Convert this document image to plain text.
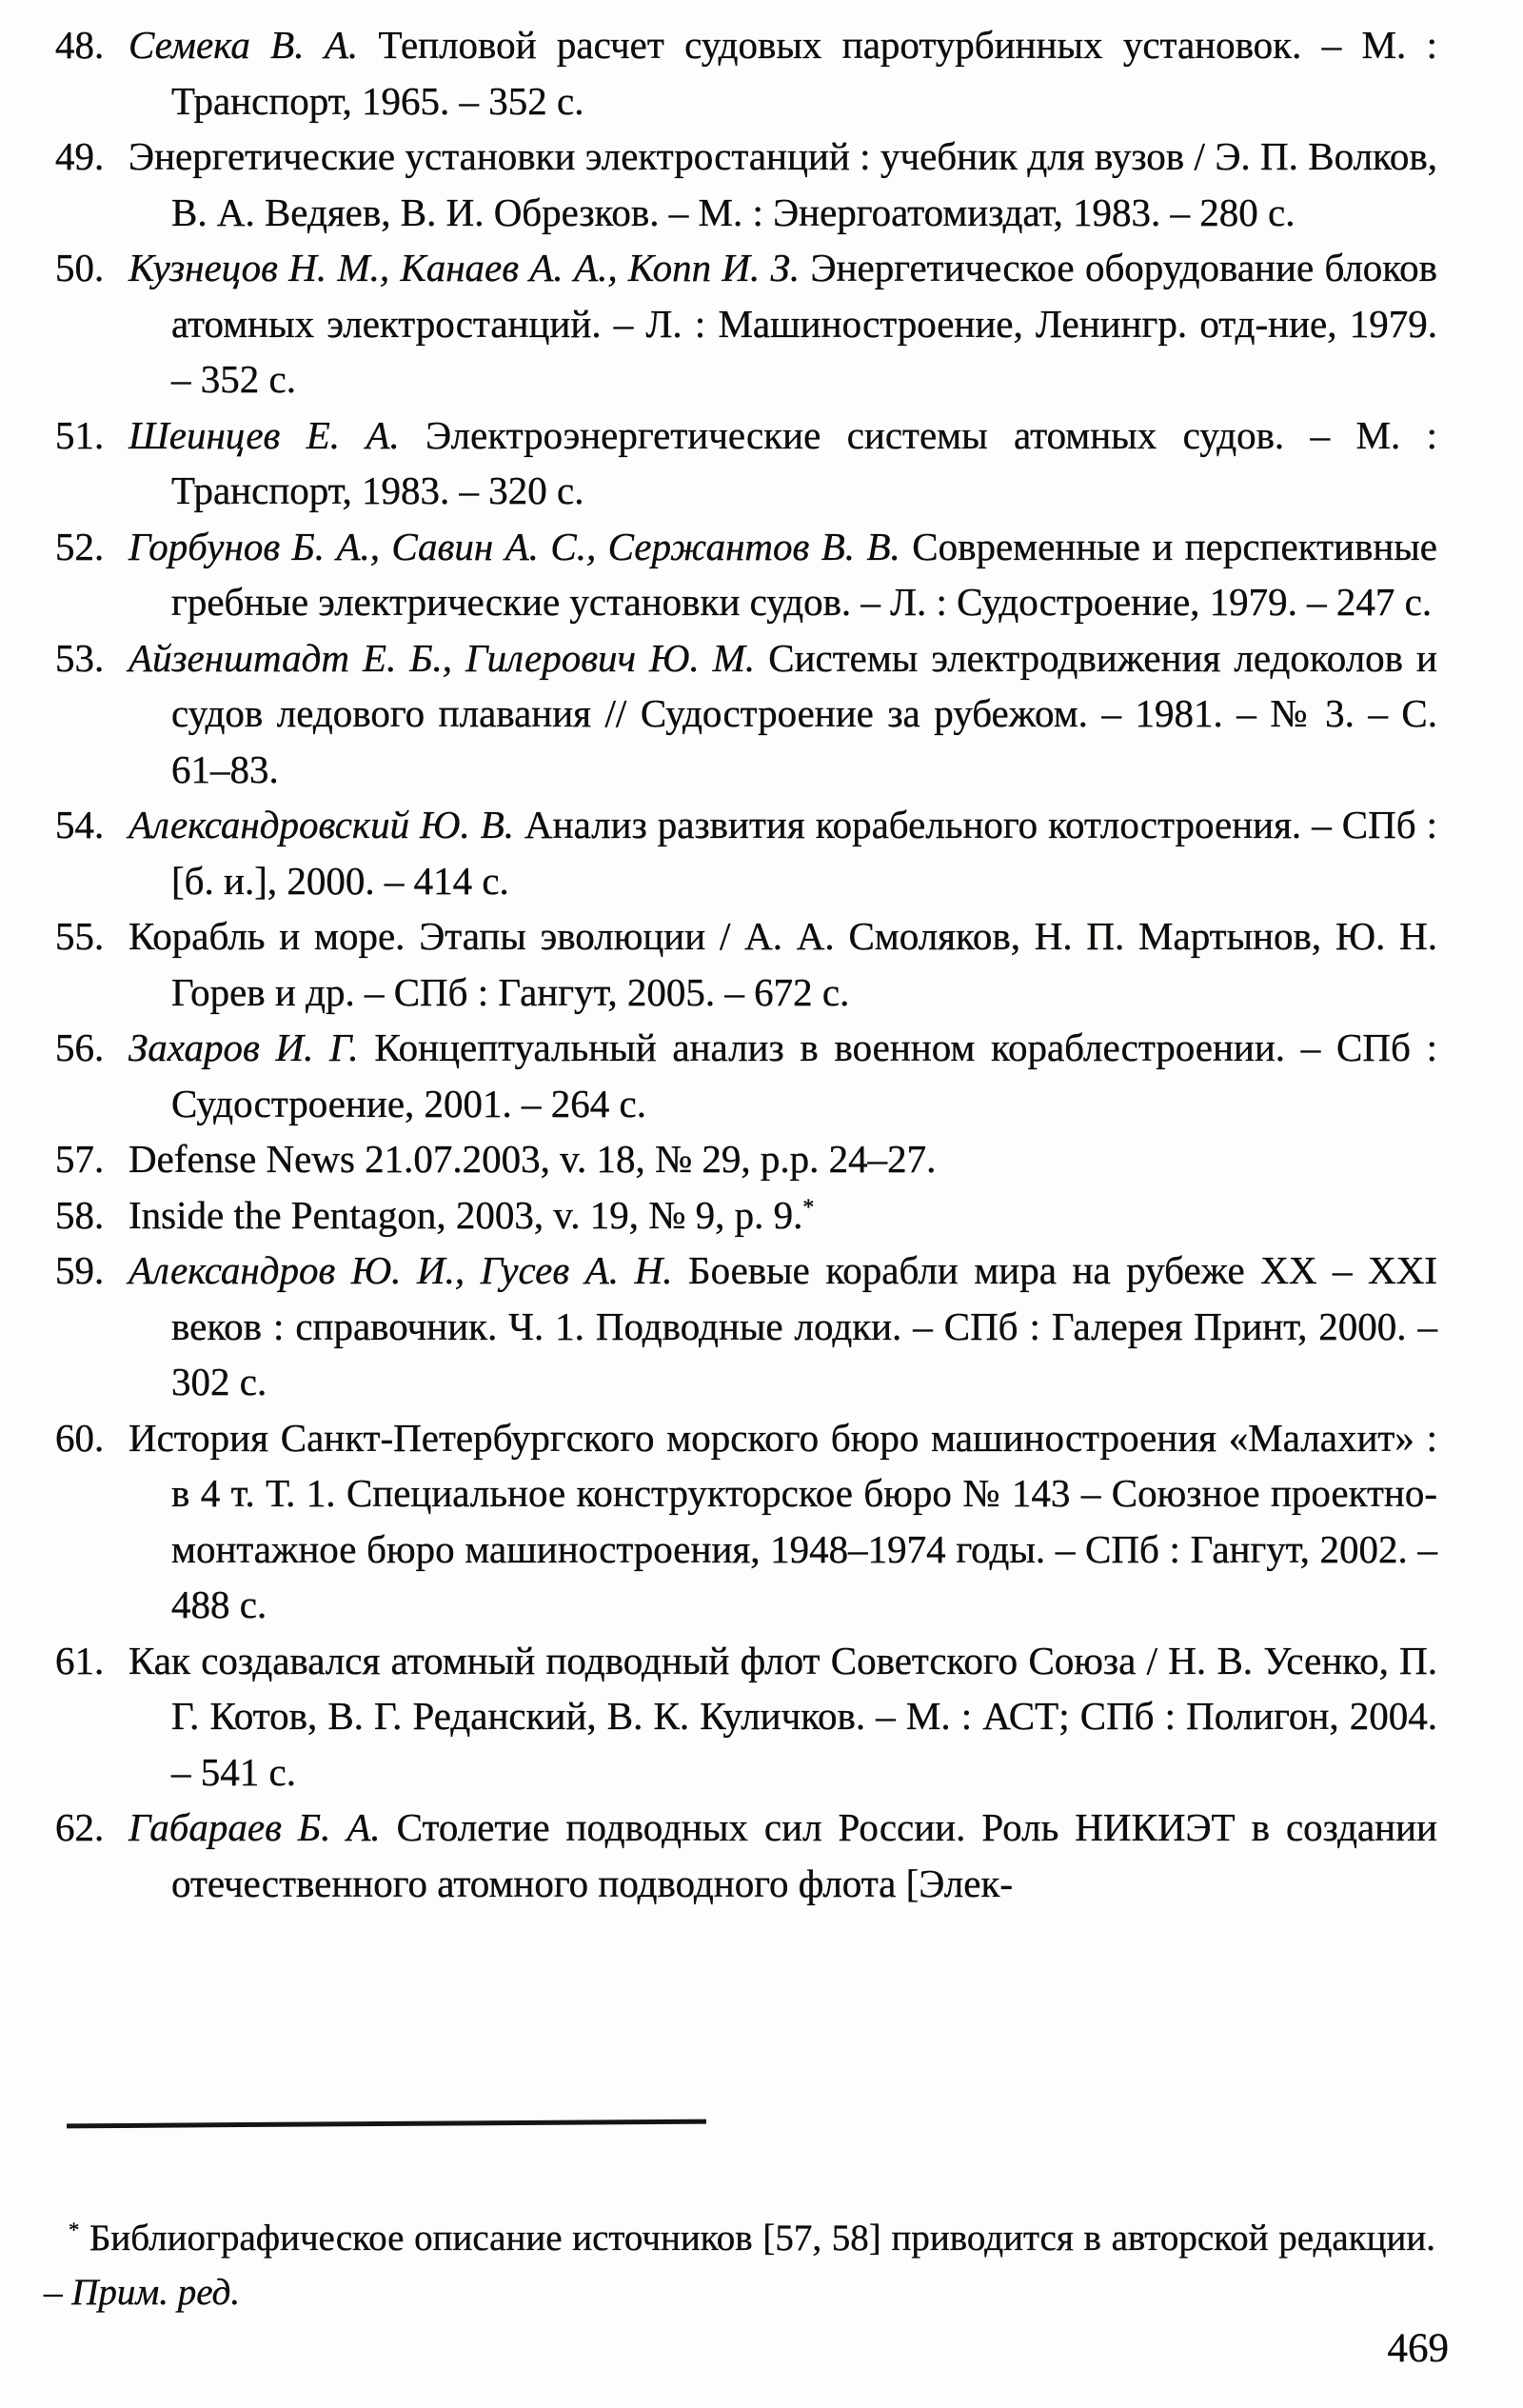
48. Семека В. А. Тепловой расчет судовых паротурбинных установок. – М. : Транспорт, 1965. – 352 с.
49. Энергетические установки электростанций : учебник для вузов / Э. П. Волков, В. А. Ведяев, В. И. Обрезков. – М. : Энергоатомиздат, 1983. – 280 с.
50. Кузнецов Н. М., Канаев А. А., Копп И. З. Энергетическое оборудование блоков атомных электростанций. – Л. : Машиностроение, Ленингр. отд-ние, 1979. – 352 с.
51. Шеинцев Е. А. Электроэнергетические системы атомных судов. – М. : Транспорт, 1983. – 320 с.
52. Горбунов Б. А., Савин А. С., Сержантов В. В. Современные и перспективные гребные электрические установки судов. – Л. : Судостроение, 1979. – 247 с.
53. Айзенштадт Е. Б., Гилерович Ю. М. Системы электродвижения ледоколов и судов ледового плавания // Судостроение за рубежом. – 1981. – № 3. – С. 61–83.
54. Александровский Ю. В. Анализ развития корабельного котлостроения. – СПб : [б. и.], 2000. – 414 с.
55. Корабль и море. Этапы эволюции / А. А. Смоляков, Н. П. Мартынов, Ю. Н. Горев и др. – СПб : Гангут, 2005. – 672 с.
56. Захаров И. Г. Концептуальный анализ в военном кораблестроении. – СПб : Судостроение, 2001. – 264 с.
57. Defense News 21.07.2003, v. 18, № 29, p.p. 24–27.
58. Inside the Pentagon, 2003, v. 19, № 9, p. 9.*
59. Александров Ю. И., Гусев А. Н. Боевые корабли мира на рубеже XX – XXI веков : справочник. Ч. 1. Подводные лодки. – СПб : Галерея Принт, 2000. – 302 с.
60. История Санкт-Петербургского морского бюро машиностроения «Малахит» : в 4 т. Т. 1. Специальное конструкторское бюро № 143 – Союзное проектно-монтажное бюро машиностроения, 1948–1974 годы. – СПб : Гангут, 2002. – 488 с.
61. Как создавался атомный подводный флот Советского Союза / Н. В. Усенко, П. Г. Котов, В. Г. Реданский, В. К. Куличков. – М. : АСТ; СПб : Полигон, 2004. – 541 с.
62. Габараев Б. А. Столетие подводных сил России. Роль НИКИЭТ в создании отечественного атомного подводного флота [Элек-
* Библиографическое описание источников [57, 58] приводится в авторской редакции. – Прим. ред.
469
